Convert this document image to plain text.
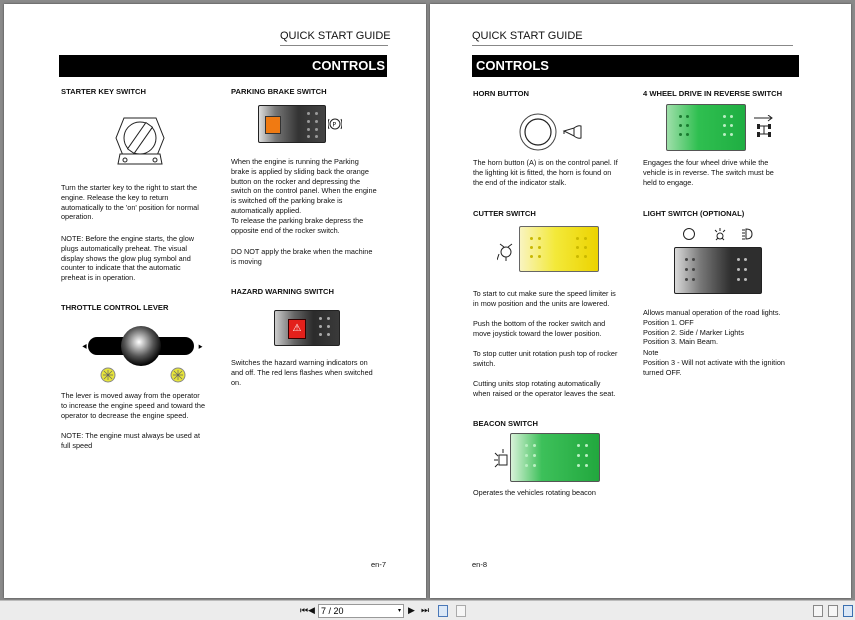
QUICK START GUIDE
CONTROLS
STARTER KEY SWITCH
Turn the starter key to the right to start the
engine. Release the key to return
automatically to the 'on' position for normal
operation.
NOTE: Before the engine starts, the glow
plugs automatically preheat. The visual
display shows the glow plug symbol and
counter to indicate that the automatic
preheat is in operation.
THROTTLE CONTROL LEVER
⯇	⯈
The lever is moved away from the operator
to increase the engine speed and toward the
operator to decrease the engine speed.
NOTE: The engine must always be used at
full speed
PARKING BRAKE SWITCH
P
When the engine is running the Parking
brake is applied by sliding back the orange
button on the rocker and depressing the
switch on the control panel. When the engine
is switched off the parking brake is
automatically applied.
To release the parking brake depress the
opposite end of the rocker switch.
DO NOT apply the brake when the machine
is moving
HAZARD WARNING SWITCH
⚠
Switches the hazard warning indicators on
and off. The red lens flashes when switched
on.
en-7
QUICK START GUIDE
CONTROLS
HORN BUTTON
The horn button (A) is on the control panel. If
the lighting kit is fitted, the horn is found on
the end of the indicator stalk.
CUTTER SWITCH
To start to cut make sure the speed limiter is
in mow position and the units are lowered.
Push the bottom of the rocker switch and
move joystick toward the lower position.
To stop cutter unit rotation push top of rocker
switch.
Cutting units stop rotating automatically
when raised or the operator leaves the seat.
BEACON SWITCH
Operates the vehicles rotating beacon
4 WHEEL DRIVE IN REVERSE SWITCH
Engages the four wheel drive while the
vehicle is in reverse. The switch must be
held to engage.
LIGHT SWITCH (OPTIONAL)
Allows manual operation of the road lights.
Position 1. OFF
Position 2. Side / Marker Lights
Position 3. Main Beam.
Note
Position 3 - Will not activate with the ignition
turned OFF.
en-8
⏮ ◀ 7 / 20	▾ ▶ ⏭
